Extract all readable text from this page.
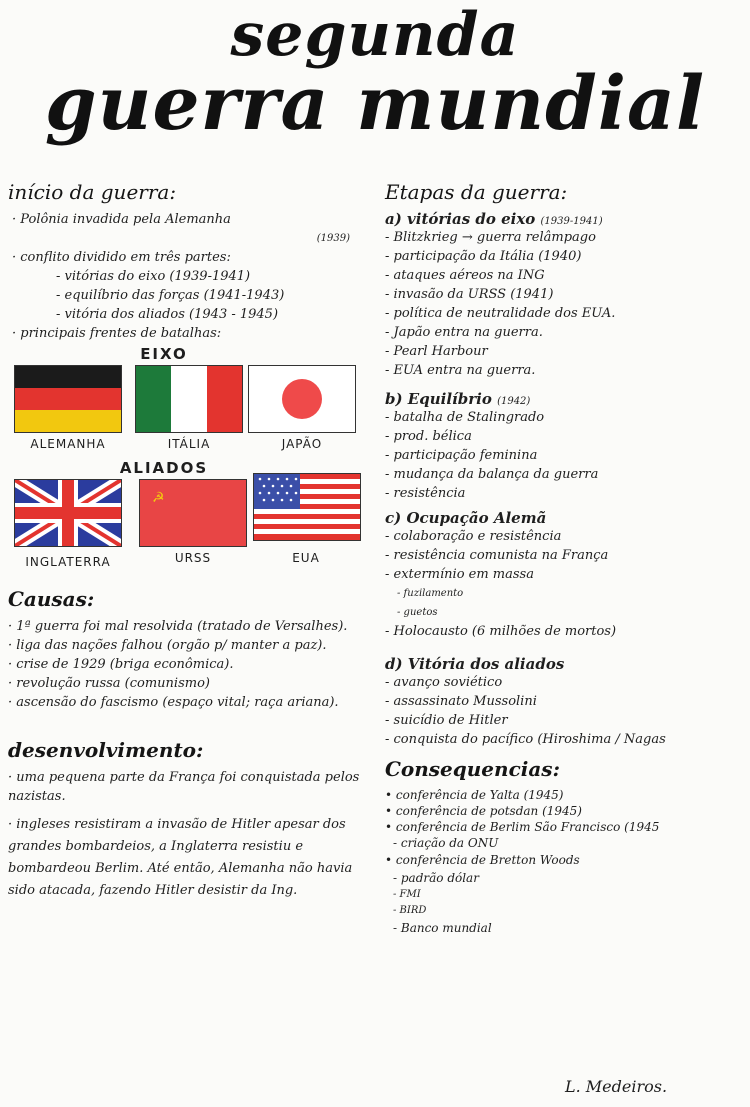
segunda
guerra mundial
início da guerra:
· Polônia invadida pela Alemanha
(1939)
· conflito dividido em três partes:
- vitórias do eixo (1939-1941)
- equilíbrio das forças (1941-1943)
- vitória dos aliados (1943 - 1945)
· principais frentes de batalhas:
EIXO
ALEMANHA	ITÁLIA	JAPÃO
ALIADOS
☭
INGLATERRA	URSS	EUA
Causas:
· 1ª guerra foi mal resolvida (tratado de Versalhes).
· liga das nações falhou (orgão p/ manter a paz).
· crise de 1929 (briga econômica).
· revolução russa (comunismo)
· ascensão do fascismo (espaço vital; raça ariana).
desenvolvimento:
· uma pequena parte da França foi conquistada pelos nazistas.
· ingleses resistiram a invasão de Hitler apesar dos grandes bombardeios, a Inglaterra resistiu e bombardeou Berlim. Até então, Alemanha não havia sido atacada, fazendo Hitler desistir da Ing.
Etapas da guerra:
a) vitórias do eixo (1939-1941)
- Blitzkrieg → guerra relâmpago
- participação da Itália (1940)
- ataques aéreos na ING
- invasão da URSS (1941)
- política de neutralidade dos EUA.
- Japão entra na guerra.
- Pearl Harbour
- EUA entra na guerra.
b) Equilíbrio (1942)
- batalha de Stalingrado
- prod. bélica
- participação feminina
- mudança da balança da guerra
- resistência
c) Ocupação Alemã
- colaboração e resistência
- resistência comunista na França
- extermínio em massa
- fuzilamento
- guetos
- Holocausto (6 milhões de mortos)
d) Vitória dos aliados
- avanço soviético
- assassinato Mussolini
- suicídio de Hitler
- conquista do pacífico (Hiroshima / Nagas
Consequencias:
• conferência de Yalta (1945)
• conferência de potsdan (1945)
• conferência de Berlim São Francisco (1945
- criação da ONU
• conferência de Bretton Woods
- padrão dólar
- FMI
- BIRD
- Banco mundial
L. Medeiros.
